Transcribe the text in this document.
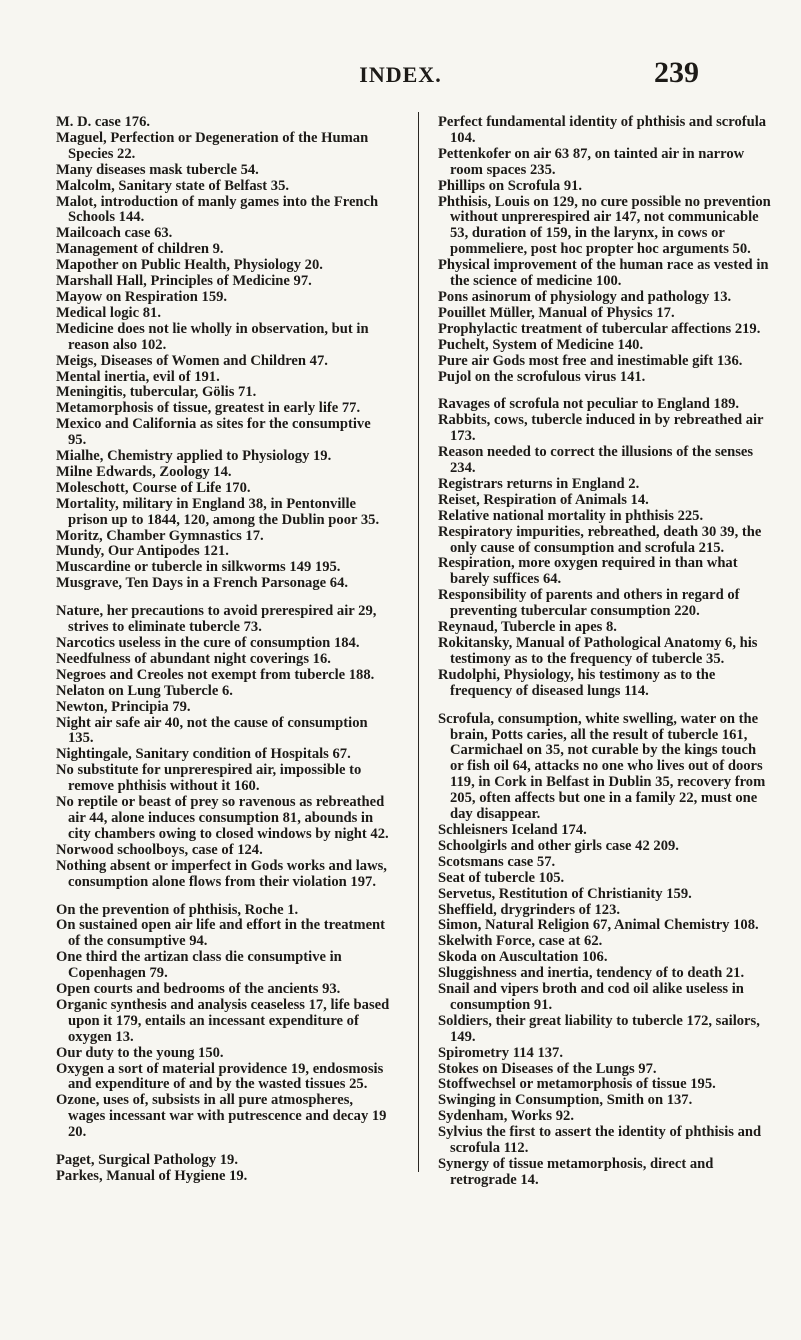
INDEX.	239

M. D. case 176.

Maguel, Perfection or Degeneration of the Human Species 22.

Many diseases mask tubercle 54.

Malcolm, Sanitary state of Belfast 35.

Malot, introduction of manly games into the French Schools 144.

Mailcoach case 63.

Management of children 9.

Mapother on Public Health, Physiology 20.

Marshall Hall, Principles of Medicine 97.

Mayow on Respiration 159.

Medical logic 81.

Medicine does not lie wholly in observation, but in reason also 102.

Meigs, Diseases of Women and Children 47.

Mental inertia, evil of 191.

Meningitis, tubercular, Gölis 71.

Metamorphosis of tissue, greatest in early life 77.

Mexico and California as sites for the consumptive 95.

Mialhe, Chemistry applied to Physiology 19.

Milne Edwards, Zoology 14.

Moleschott, Course of Life 170.

Mortality, military in England 38, in Pentonville prison up to 1844, 120, among the Dublin poor 35.

Moritz, Chamber Gymnastics 17.

Mundy, Our Antipodes 121.

Muscardine or tubercle in silkworms 149 195.

Musgrave, Ten Days in a French Parsonage 64.

Nature, her precautions to avoid prerespired air 29, strives to eliminate tubercle 73.

Narcotics useless in the cure of consumption 184.

Needfulness of abundant night coverings 16.

Negroes and Creoles not exempt from tubercle 188.

Nelaton on Lung Tubercle 6.

Newton, Principia 79.

Night air safe air 40, not the cause of consumption 135.

Nightingale, Sanitary condition of Hospitals 67.

No substitute for unprerespired air, impossible to remove phthisis without it 160.

No reptile or beast of prey so ravenous as rebreathed air 44, alone induces consumption 81, abounds in city chambers owing to closed windows by night 42.

Norwood schoolboys, case of 124.

Nothing absent or imperfect in Gods works and laws, consumption alone flows from their violation 197.

On the prevention of phthisis, Roche 1.

On sustained open air life and effort in the treatment of the consumptive 94.

One third the artizan class die consumptive in Copenhagen 79.

Open courts and bedrooms of the ancients 93.

Organic synthesis and analysis ceaseless 17, life based upon it 179, entails an incessant expenditure of oxygen 13.

Our duty to the young 150.

Oxygen a sort of material providence 19, endosmosis and expenditure of and by the wasted tissues 25.

Ozone, uses of, subsists in all pure atmospheres, wages incessant war with putrescence and decay 19 20.

Paget, Surgical Pathology 19.

Parkes, Manual of Hygiene 19.

Perfect fundamental identity of phthisis and scrofula 104.

Pettenkofer on air 63 87, on tainted air in narrow room spaces 235.

Phillips on Scrofula 91.

Phthisis, Louis on 129, no cure possible no prevention without unprerespired air 147, not communicable 53, duration of 159, in the larynx, in cows or pommeliere, post hoc propter hoc arguments 50.

Physical improvement of the human race as vested in the science of medicine 100.

Pons asinorum of physiology and pathology 13.

Pouillet Müller, Manual of Physics 17.

Prophylactic treatment of tubercular affections 219.

Puchelt, System of Medicine 140.

Pure air Gods most free and inestimable gift 136.

Pujol on the scrofulous virus 141.

Ravages of scrofula not peculiar to England 189.

Rabbits, cows, tubercle induced in by rebreathed air 173.

Reason needed to correct the illusions of the senses 234.

Registrars returns in England 2.

Reiset, Respiration of Animals 14.

Relative national mortality in phthisis 225.

Respiratory impurities, rebreathed, death 30 39, the only cause of consumption and scrofula 215.

Respiration, more oxygen required in than what barely suffices 64.

Responsibility of parents and others in regard of preventing tubercular consumption 220.

Reynaud, Tubercle in apes 8.

Rokitansky, Manual of Pathological Anatomy 6, his testimony as to the frequency of tubercle 35.

Rudolphi, Physiology, his testimony as to the frequency of diseased lungs 114.

Scrofula, consumption, white swelling, water on the brain, Potts caries, all the result of tubercle 161, Carmichael on 35, not curable by the kings touch or fish oil 64, attacks no one who lives out of doors 119, in Cork in Belfast in Dublin 35, recovery from 205, often affects but one in a family 22, must one day disappear.

Schleisners Iceland 174.

Schoolgirls and other girls case 42 209.

Scotsmans case 57.

Seat of tubercle 105.

Servetus, Restitution of Christianity 159.

Sheffield, drygrinders of 123.

Simon, Natural Religion 67, Animal Chemistry 108.

Skelwith Force, case at 62.

Skoda on Auscultation 106.

Sluggishness and inertia, tendency of to death 21.

Snail and vipers broth and cod oil alike useless in consumption 91.

Soldiers, their great liability to tubercle 172, sailors, 149.

Spirometry 114 137.

Stokes on Diseases of the Lungs 97.

Stoffwechsel or metamorphosis of tissue 195.

Swinging in Consumption, Smith on 137.

Sydenham, Works 92.

Sylvius the first to assert the identity of phthisis and scrofula 112.

Synergy of tissue metamorphosis, direct and retrograde 14.
